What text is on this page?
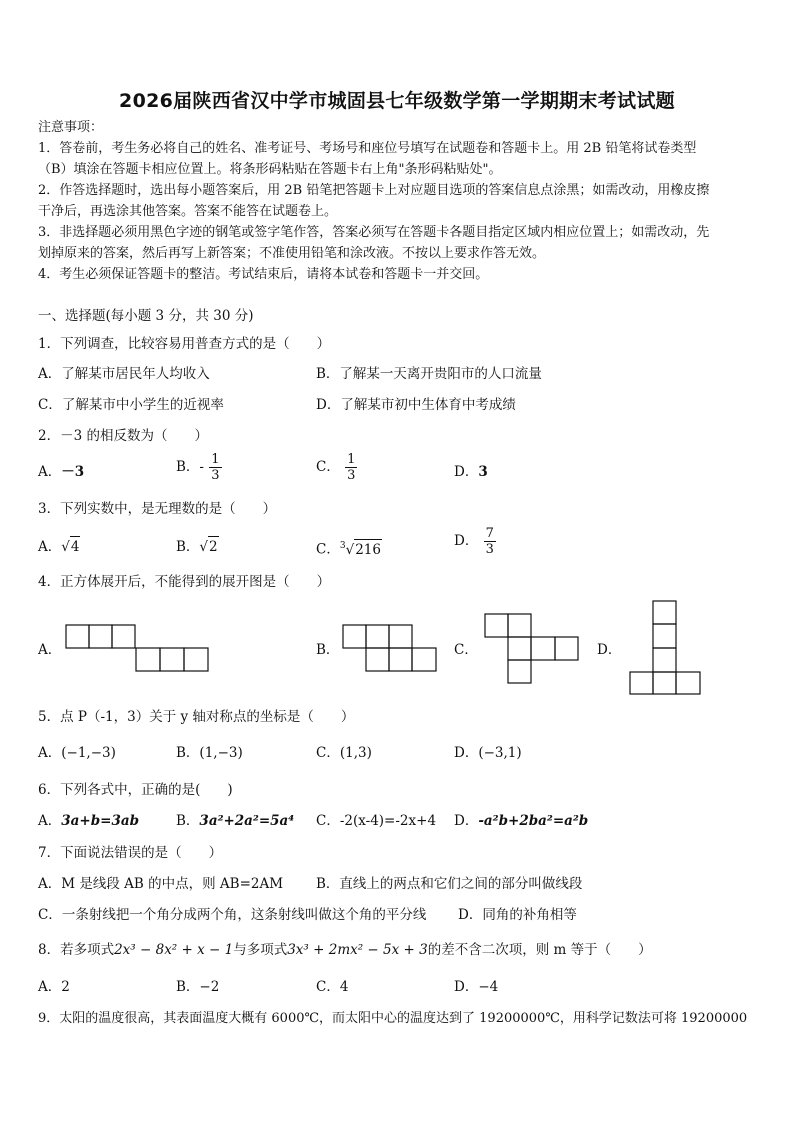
2026届陕西省汉中学市城固县七年级数学第一学期期末考试试题
注意事项：
1．答卷前，考生务必将自己的姓名、准考证号、考场号和座位号填写在试题卷和答题卡上。用 2B 铅笔将试卷类型
（B）填涂在答题卡相应位置上。将条形码粘贴在答题卡右上角"条形码粘贴处"。
2．作答选择题时，选出每小题答案后，用 2B 铅笔把答题卡上对应题目选项的答案信息点涂黑；如需改动，用橡皮擦
干净后，再选涂其他答案。答案不能答在试题卷上。
3．非选择题必须用黑色字迹的钢笔或签字笔作答，答案必须写在答题卡各题目指定区域内相应位置上；如需改动，先
划掉原来的答案，然后再写上新答案；不准使用铅笔和涂改液。不按以上要求作答无效。
4．考生必须保证答题卡的整洁。考试结束后，请将本试卷和答题卡一并交回。
一、选择题(每小题 3 分，共 30 分)
1．下列调查，比较容易用普查方式的是（　　）
A．了解某市居民年人均收入	B．了解某一天离开贵阳市的人口流量
C．了解某市中小学生的近视率	D．了解某市初中生体育中考成绩
2．－3 的相反数为（　　）
A．－3	B．- $\frac{1}{3}$	C． $\frac{1}{3}$	D．3
3．下列实数中，是无理数的是（　　）
A．√4	B．√2	C．$^3$√216
D． $\frac{7}{3}$
4．正方体展开后，不能得到的展开图是（　　）
A．	B．	C．	D．
5．点 P（-1，3）关于 y 轴对称点的坐标是（　　）
A．(−1,−3)	B．(1,−3)	C．(1,3)	D．(−3,1)
6．下列各式中，正确的是(　　)
A．3a+b=3ab	B．3a²+2a²=5a⁴ C．-2(x-4)=-2x+4 D．-a²b+2ba²=a²b
7．下面说法错误的是（　　）
A．M 是线段 AB 的中点，则 AB=2AM B．直线上的两点和它们之间的部分叫做线段
C．一条射线把一个角分成两个角，这条射线叫做这个角的平分线 D．同角的补角相等
8．若多项式2x³ − 8x² + x − 1与多项式3x³ + 2mx² − 5x + 3的差不含二次项，则 m 等于（　　）
A．2	B．−2	C．4	D．−4
9．太阳的温度很高，其表面温度大概有 6000℃，而太阳中心的温度达到了 19200000℃，用科学记数法可将 19200000
